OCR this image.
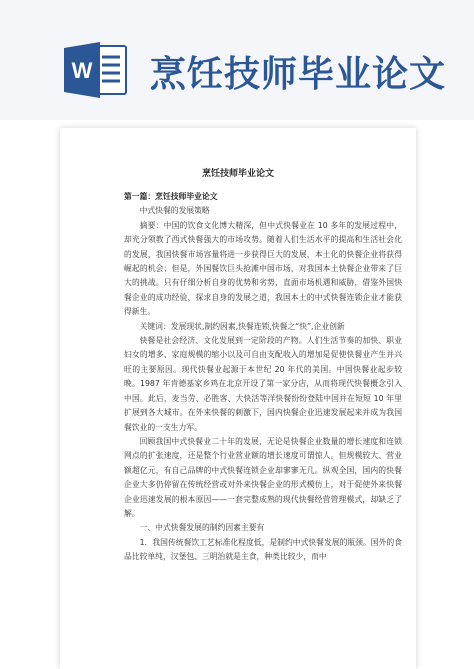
W 烹饪技师毕业论文
烹饪技师毕业论文

第一篇：烹饪技师毕业论文

中式快餐的发展策略

摘要：中国的饮食文化博大精深，但中式快餐业在 10 多年的发展过程中，却充分领教了西式快餐强大的市场攻势。随着人们生活水平的提高和生活社会化的发展，我国快餐市场容量将进一步获得巨大的发展，本土化的快餐企业将获得崛起的机会；但是，外国餐饮巨头抢滩中国市场，对我国本土快餐企业带来了巨大的挑战。只有仔细分析自身的优势和劣势，直面市场机遇和威胁，借鉴外国快餐企业的成功经验，探求自身的发展之道，我国本土的中式快餐连锁企业才能获得新生。

关键词：发展现状,制约因素,快餐连锁,快餐之“快”,企业创新

快餐是社会经济、文化发展到一定阶段的产物。人们生活节奏的加快、职业妇女的增多、家庭规模的缩小以及可自由支配收入的增加是促使快餐业产生并兴旺的主要原因。现代快餐业起源于本世纪 20 年代的美国。中国快餐业起步较晚。1987 年肯德基家乡鸡在北京开设了第一家分店，从而将现代快餐概念引入中国。此后，麦当劳、必胜客、大快活等洋快餐纷纷登陆中国并在短短 10 年里扩展到各大城市。在外来快餐的刺激下，国内快餐企业迅速发展起来并成为我国餐饮业的一支生力军。

回顾我国中式快餐业二十年的发展，无论是快餐企业数量的增长速度和连锁网点的扩张速度，还是整个行业营业额的增长速度可谓惊人。但规模较大、营业额超亿元，有自己品牌的中式快餐连锁企业却寥寥无几。纵观全国，国内的快餐企业大多仍停留在传统经营或对外来快餐企业的形式模仿上，对于促使外来快餐企业迅速发展的根本原因——一套完整成熟的现代快餐经营管理模式，却缺乏了解。

一、中式快餐发展的制约因素主要有

1．我国传统餐饮工艺标准化程度低，是制约中式快餐发展的瓶颈。国外的食品比较单纯，汉堡包、三明治就是主食，种类比较少，而中
